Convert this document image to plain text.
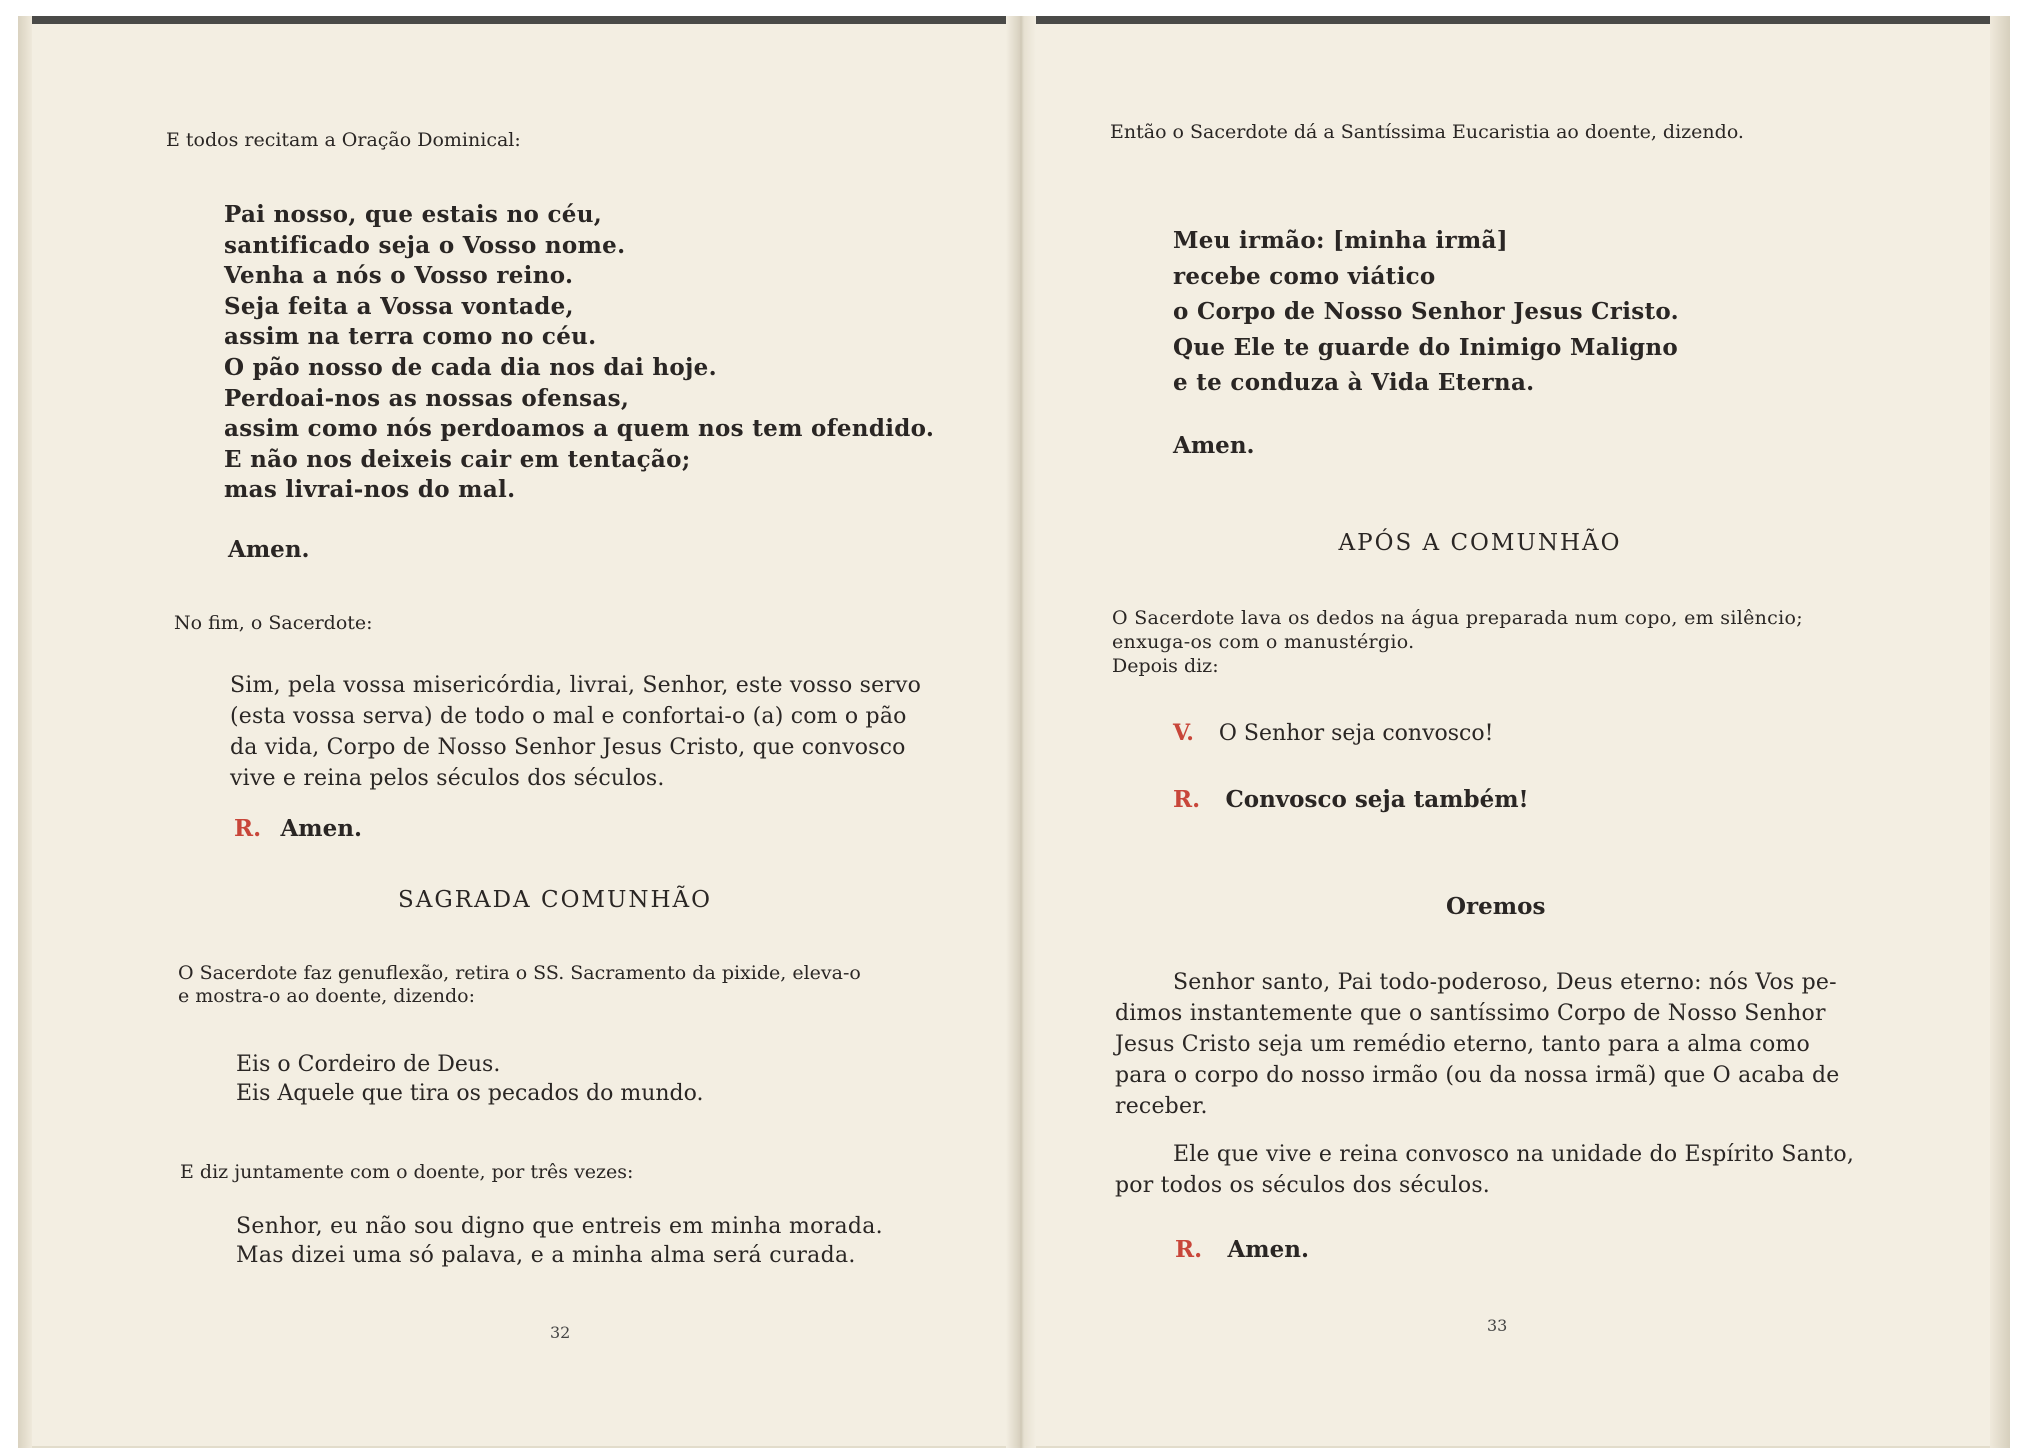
E todos recitam a Oração Dominical:
Pai nosso, que estais no céu,
santificado seja o Vosso nome.
Venha a nós o Vosso reino.
Seja feita a Vossa vontade,
assim na terra como no céu.
O pão nosso de cada dia nos dai hoje.
Perdoai-nos as nossas ofensas,
assim como nós perdoamos a quem nos tem ofendido.
E não nos deixeis cair em tentação;
mas livrai-nos do mal.
Amen.
No fim, o Sacerdote:
Sim, pela vossa misericórdia, livrai, Senhor, este vosso servo
(esta vossa serva) de todo o mal e confortai-o (a) com o pão
da vida, Corpo de Nosso Senhor Jesus Cristo, que convosco
vive e reina pelos séculos dos séculos.
R. Amen.
SAGRADA COMUNHÃO
O Sacerdote faz genuflexão, retira o SS. Sacramento da pixide, eleva-o
e mostra-o ao doente, dizendo:
Eis o Cordeiro de Deus.
Eis Aquele que tira os pecados do mundo.
E diz juntamente com o doente, por três vezes:
Senhor, eu não sou digno que entreis em minha morada.
Mas dizei uma só palava, e a minha alma será curada.
32
Então o Sacerdote dá a Santíssima Eucaristia ao doente, dizendo.
Meu irmão: [minha irmã]
recebe como viático
o Corpo de Nosso Senhor Jesus Cristo.
Que Ele te guarde do Inimigo Maligno
e te conduza à Vida Eterna.
Amen.
APÓS A COMUNHÃO
O Sacerdote lava os dedos na água preparada num copo, em silêncio;
enxuga-os com o manustérgio.
Depois diz:
V. O Senhor seja convosco!
R. Convosco seja também!
Oremos
Senhor santo, Pai todo-poderoso, Deus eterno: nós Vos pe-
dimos instantemente que o santíssimo Corpo de Nosso Senhor
Jesus Cristo seja um remédio eterno, tanto para a alma como
para o corpo do nosso irmão (ou da nossa irmã) que O acaba de
receber.
Ele que vive e reina convosco na unidade do Espírito Santo,
por todos os séculos dos séculos.
R. Amen.
33
